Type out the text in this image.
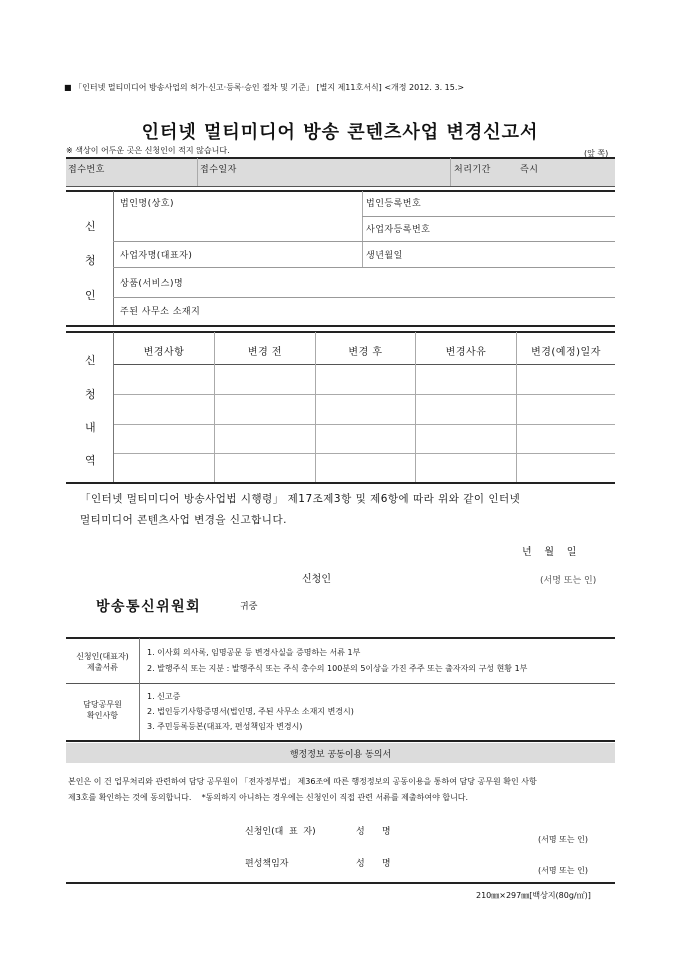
■ 「인터넷 멀티미디어 방송사업의 허가·신고·등록·승인 절차 및 기준」 [별지 제11호서식] <개정 2012. 3. 15.>
인터넷 멀티미디어 방송 콘텐츠사업 변경신고서
※ 색상이 어두운 곳은 신청인이 적지 않습니다.	(앞 쪽)
접수번호	접수일자	처리기간	즉시
신
청
인
법인명(상호)	법인등록번호
사업자등록번호
사업자명(대표자)	생년월일
상품(서비스)명
주된 사무소 소재지
신
청
내
역
변경사항	변경 전	변경 후	변경사유	변경(예정)일자
「인터넷 멀티미디어 방송사업법 시행령」 제17조제3항 및 제6항에 따라 위와 같이 인터넷
멀티미디어 콘텐츠사업 변경을 신고합니다.
년    월    일
신청인	(서명 또는 인)
방송통신위원회	귀중
신청인(대표자)
제출서류
1. 이사회 의사록, 임명공문 등 변경사실을 증명하는 서류 1부
2. 발행주식 또는 지분 : 발행주식 또는 주식 총수의 100분의 5이상을 가진 주주 또는 출자자의 구성 현황 1부
담당공무원
확인사항
1. 신고증
2. 법인등기사항증명서(법인명, 주된 사무소 소재지 변경시)
3. 주민등록등본(대표자, 편성책임자 변경시)
행정정보 공동이용 동의서
본인은 이 건 업무처리와 관련하여 담당 공무원이 「전자정부법」 제36조에 따른 행정정보의 공동이용을 통하여 담당 공무원 확인 사항
제3호를 확인하는 것에 동의합니다.    *동의하지 아니하는 경우에는 신청인이 직접 관련 서류를 제출하여야 합니다.
신청인(대  표  자)	성      명
(서명 또는 인)
편성책임자	성      명
(서명 또는 인)
210㎜×297㎜[백상지(80g/㎡)]
